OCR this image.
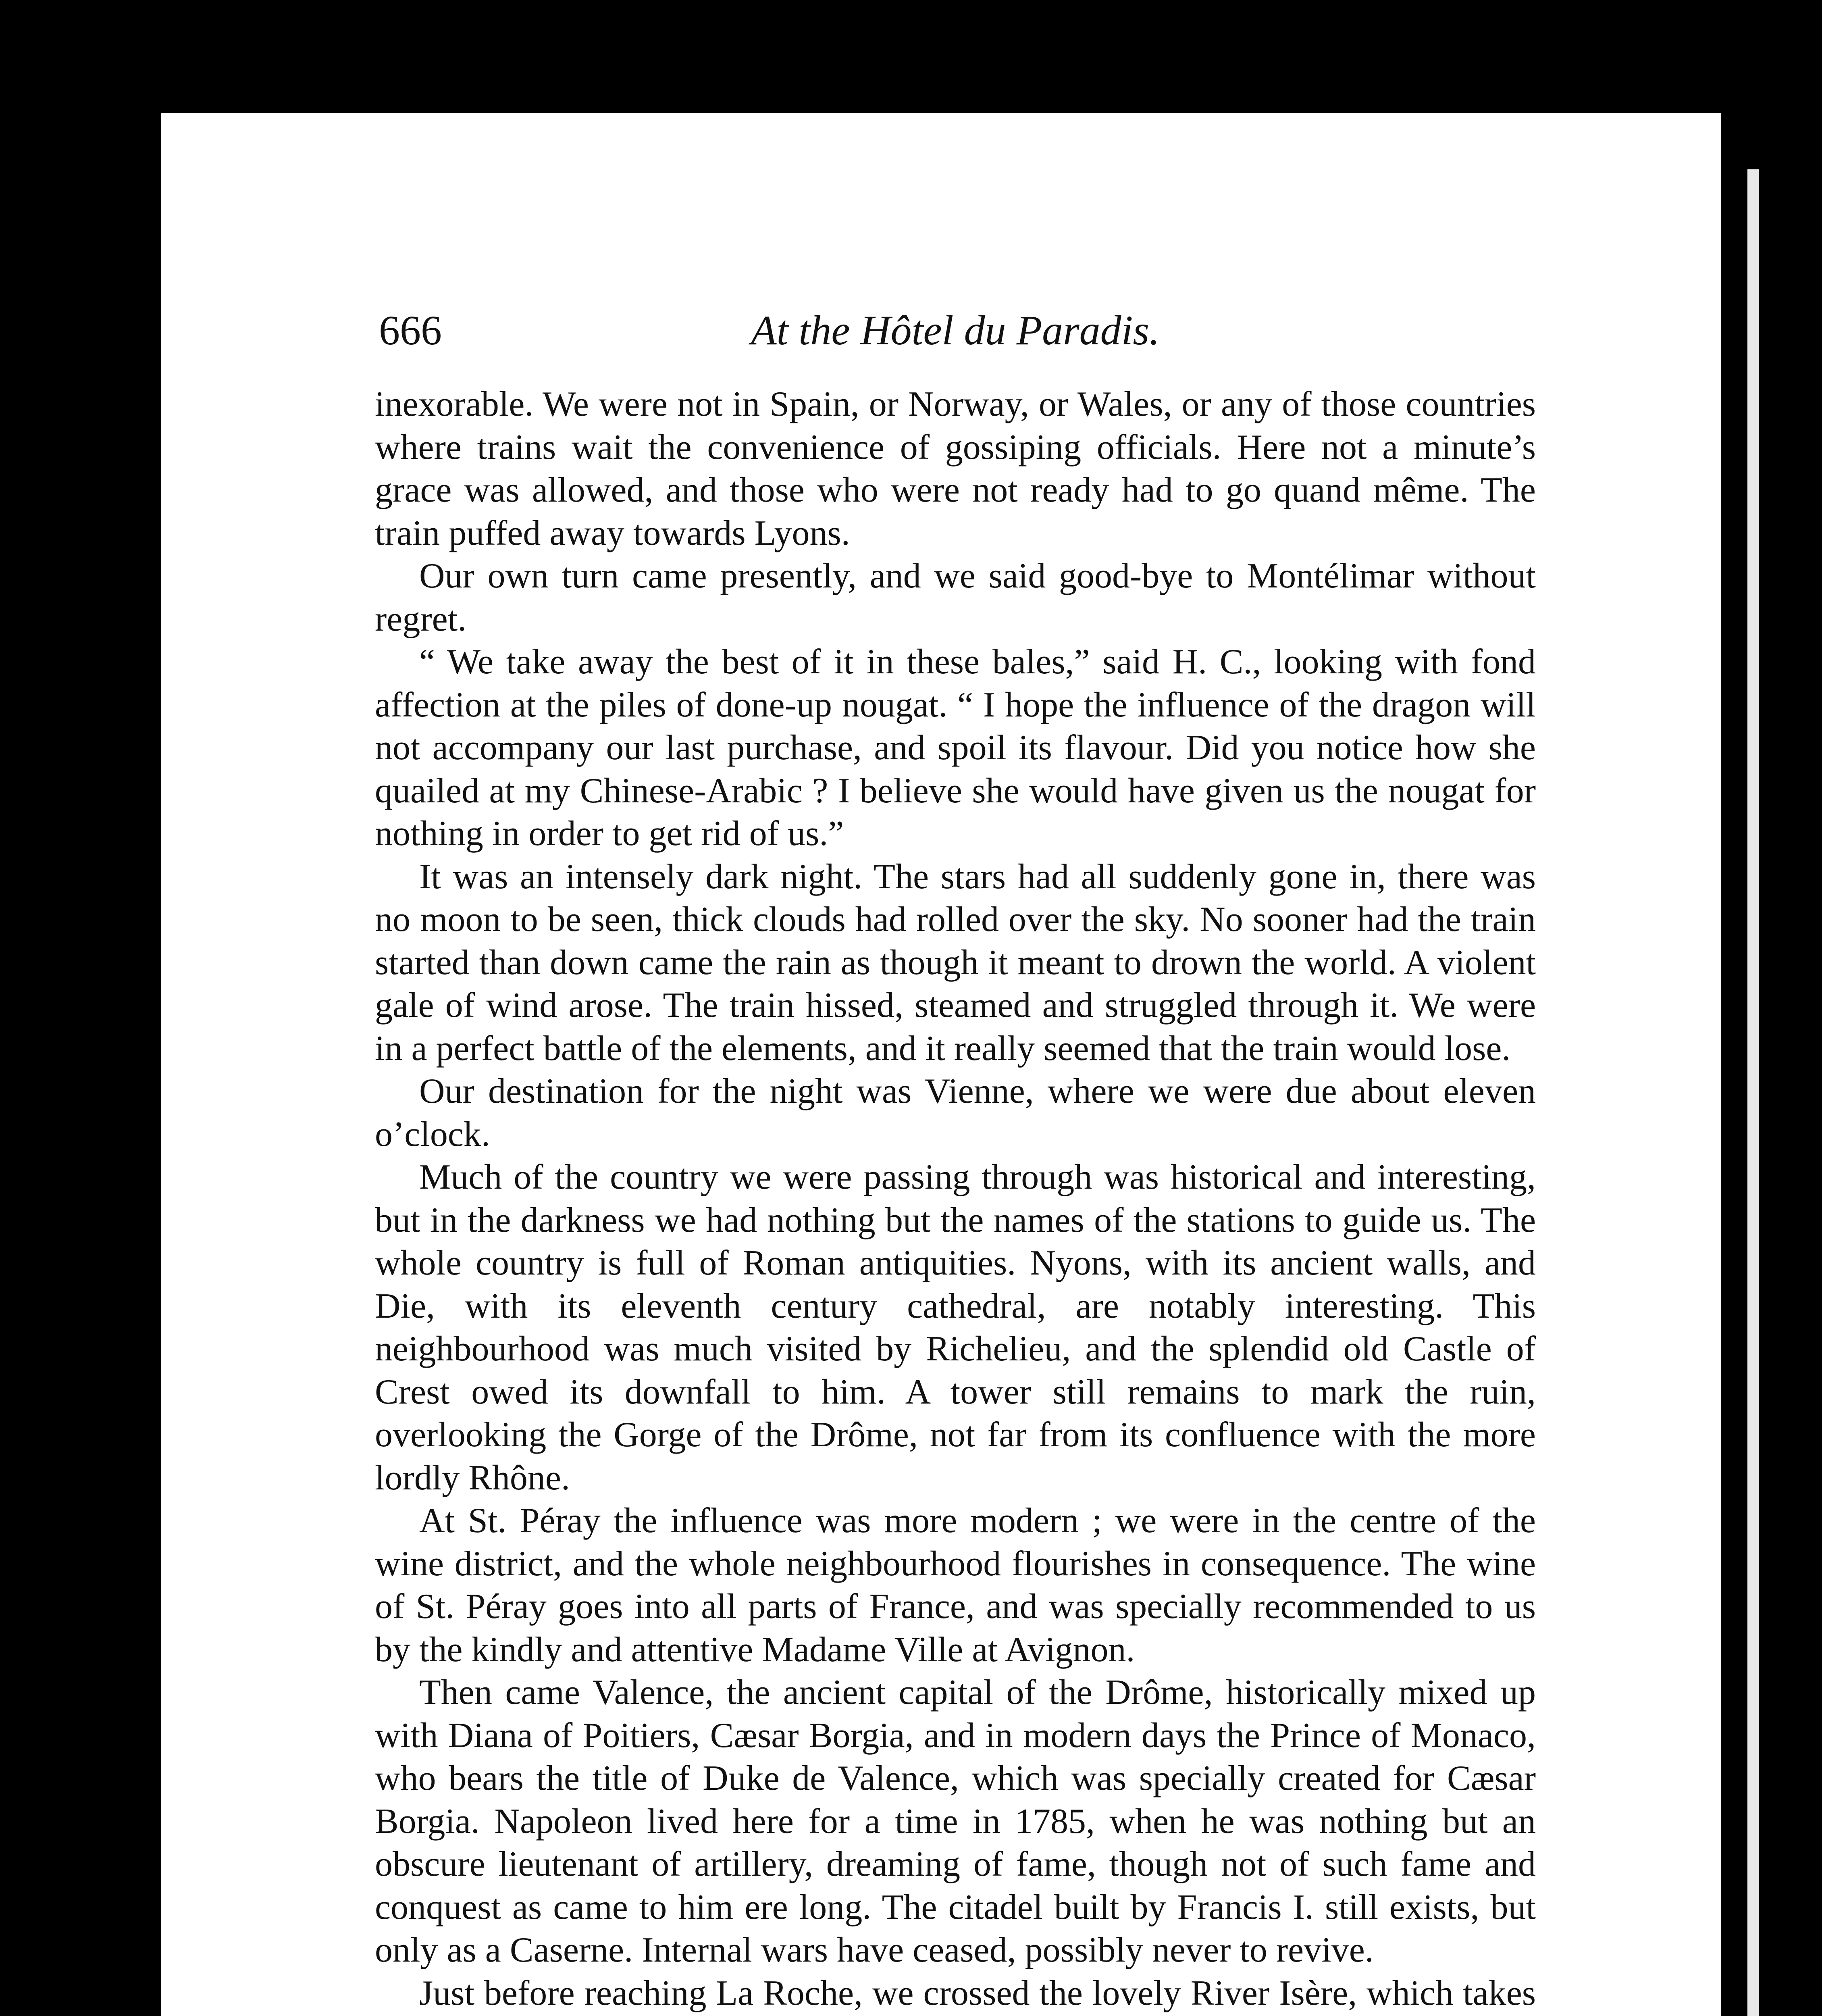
666	At the Hôtel du Paradis.

inexorable. We were not in Spain, or Norway, or Wales, or any of those countries where trains wait the convenience of gossiping officials. Here not a minute’s grace was allowed, and those who were not ready had to go quand même. The train puffed away towards Lyons.

Our own turn came presently, and we said good-bye to Montélimar without regret.

“ We take away the best of it in these bales,” said H. C., looking with fond affection at the piles of done-up nougat. “ I hope the influence of the dragon will not accompany our last purchase, and spoil its flavour. Did you notice how she quailed at my Chinese-Arabic ? I believe she would have given us the nougat for nothing in order to get rid of us.”

It was an intensely dark night. The stars had all suddenly gone in, there was no moon to be seen, thick clouds had rolled over the sky. No sooner had the train started than down came the rain as though it meant to drown the world. A violent gale of wind arose. The train hissed, steamed and struggled through it. We were in a perfect battle of the elements, and it really seemed that the train would lose.

Our destination for the night was Vienne, where we were due about eleven o’clock.

Much of the country we were passing through was historical and interesting, but in the darkness we had nothing but the names of the stations to guide us. The whole country is full of Roman antiquities. Nyons, with its ancient walls, and Die, with its eleventh century cathedral, are notably interesting. This neighbourhood was much visited by Richelieu, and the splendid old Castle of Crest owed its downfall to him. A tower still remains to mark the ruin, overlooking the Gorge of the Drôme, not far from its confluence with the more lordly Rhône.

At St. Péray the influence was more modern ; we were in the centre of the wine district, and the whole neighbourhood flourishes in consequence. The wine of St. Péray goes into all parts of France, and was specially recommended to us by the kindly and attentive Madame Ville at Avignon.

Then came Valence, the ancient capital of the Drôme, historically mixed up with Diana of Poitiers, Cæsar Borgia, and in modern days the Prince of Monaco, who bears the title of Duke de Valence, which was specially created for Cæsar Borgia. Napoleon lived here for a time in 1785, when he was nothing but an obscure lieutenant of artillery, dreaming of fame, though not of such fame and conquest as came to him ere long. The citadel built by Francis I. still exists, but only as a Caserne. Internal wars have ceased, possibly never to revive.

Just before reaching La Roche, we crossed the lovely River Isère, which takes
